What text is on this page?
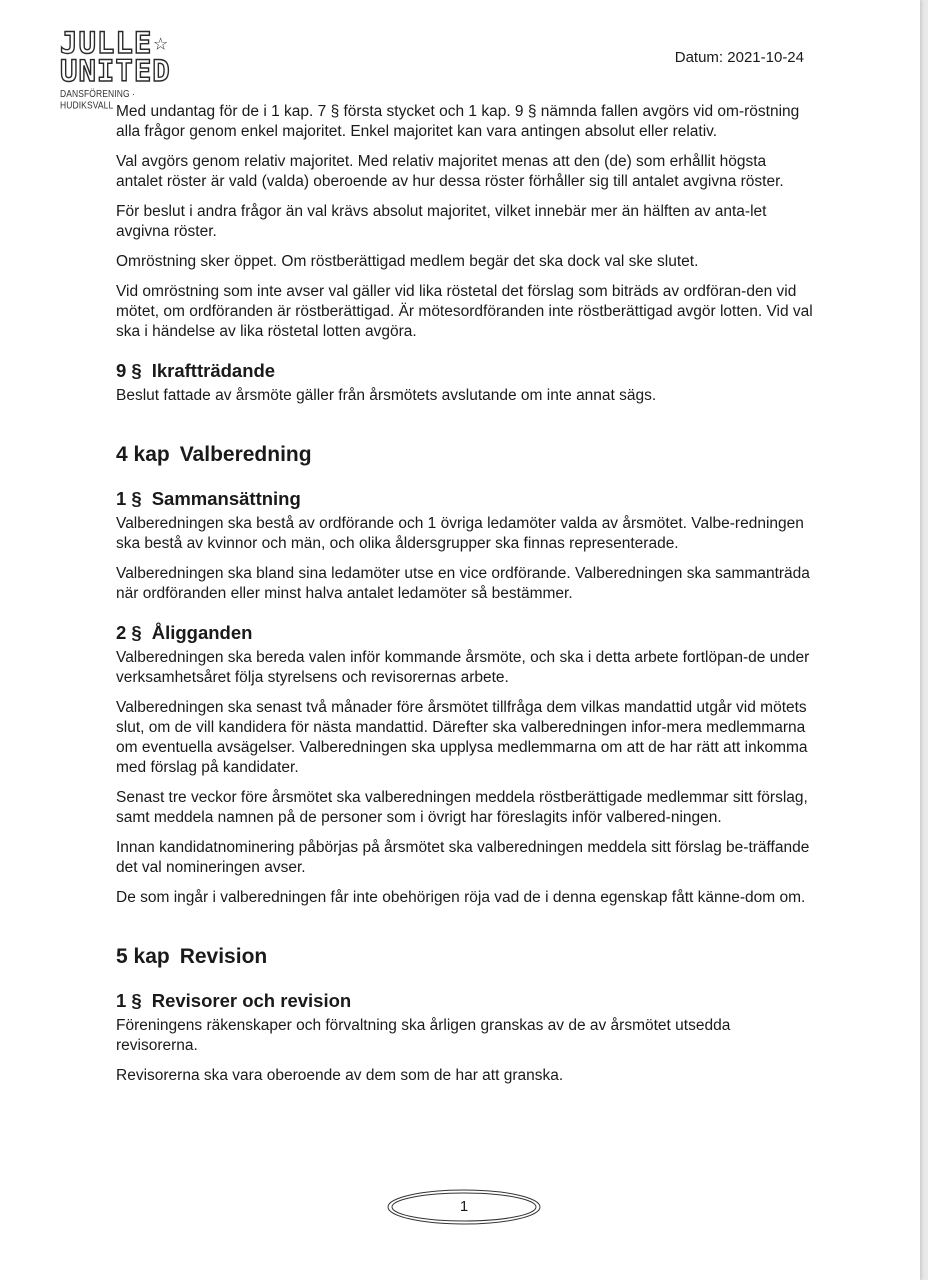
JULLE☆
UNITED
DANSFÖRENING · HUDIKSVALL
Datum: 2021-10-24

Med undantag för de i 1 kap. 7 § första stycket och 1 kap. 9 § nämnda fallen avgörs vid om-röstning alla frågor genom enkel majoritet. Enkel majoritet kan vara antingen absolut eller relativ.

Val avgörs genom relativ majoritet. Med relativ majoritet menas att den (de) som erhållit högsta antalet röster är vald (valda) oberoende av hur dessa röster förhåller sig till antalet avgivna röster.

För beslut i andra frågor än val krävs absolut majoritet, vilket innebär mer än hälften av anta-let avgivna röster.

Omröstning sker öppet. Om röstberättigad medlem begär det ska dock val ske slutet.

Vid omröstning som inte avser val gäller vid lika röstetal det förslag som biträds av ordföran-den vid mötet, om ordföranden är röstberättigad. Är mötesordföranden inte röstberättigad avgör lotten. Vid val ska i händelse av lika röstetal lotten avgöra.

9 § Ikraftträdande

Beslut fattade av årsmöte gäller från årsmötets avslutande om inte annat sägs.

4 kap Valberedning
1 § Sammansättning

Valberedningen ska bestå av ordförande och 1 övriga ledamöter valda av årsmötet. Valbe-redningen ska bestå av kvinnor och män, och olika åldersgrupper ska finnas representerade.

Valberedningen ska bland sina ledamöter utse en vice ordförande. Valberedningen ska sammanträda när ordföranden eller minst halva antalet ledamöter så bestämmer.

2 § Åligganden

Valberedningen ska bereda valen inför kommande årsmöte, och ska i detta arbete fortlöpan-de under verksamhetsåret följa styrelsens och revisorernas arbete.

Valberedningen ska senast två månader före årsmötet tillfråga dem vilkas mandattid utgår vid mötets slut, om de vill kandidera för nästa mandattid. Därefter ska valberedningen infor-mera medlemmarna om eventuella avsägelser. Valberedningen ska upplysa medlemmarna om att de har rätt att inkomma med förslag på kandidater.

Senast tre veckor före årsmötet ska valberedningen meddela röstberättigade medlemmar sitt förslag, samt meddela namnen på de personer som i övrigt har föreslagits inför valbered-ningen.

Innan kandidatnominering påbörjas på årsmötet ska valberedningen meddela sitt förslag be-träffande det val nomineringen avser.

De som ingår i valberedningen får inte obehörigen röja vad de i denna egenskap fått känne-dom om.

5 kap Revision
1 § Revisorer och revision

Föreningens räkenskaper och förvaltning ska årligen granskas av de av årsmötet utsedda revisorerna.

Revisorerna ska vara oberoende av dem som de har att granska.

1
